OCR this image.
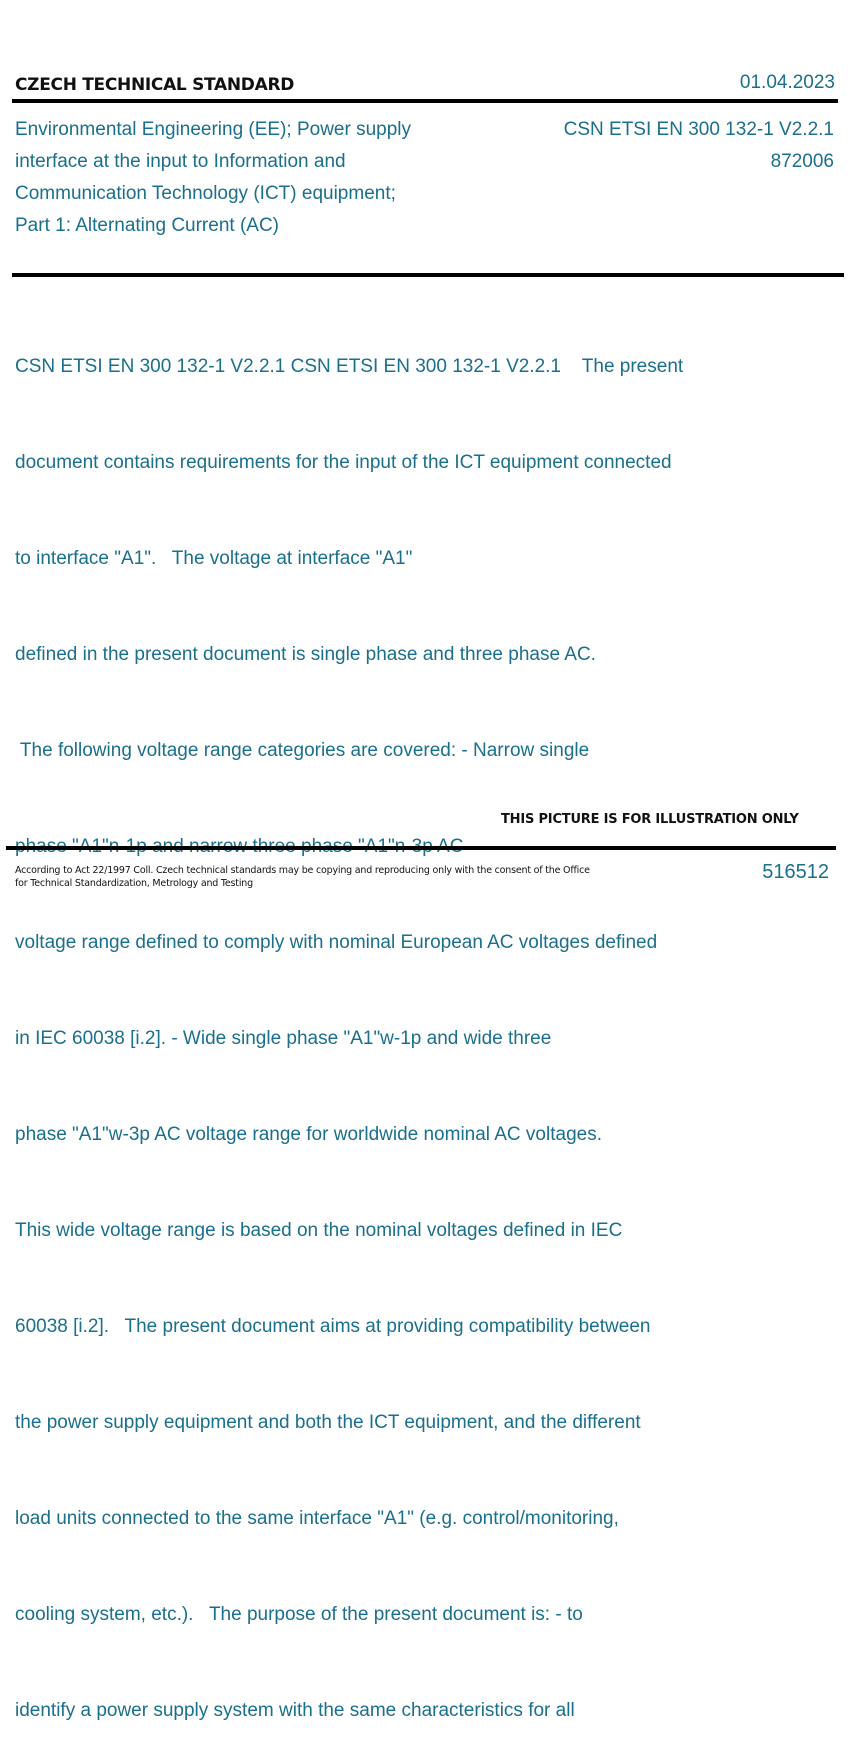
CZECH TECHNICAL STANDARD	01.04.2023
Environmental Engineering (EE); Power supply
interface at the input to Information and
Communication Technology (ICT) equipment;
Part 1: Alternating Current (AC)
CSN ETSI EN 300 132-1 V2.2.1
872006

CSN ETSI EN 300 132-1 V2.2.1 CSN ETSI EN 300 132-1 V2.2.1    The present

document contains requirements for the input of the ICT equipment connected

to interface "A1".   The voltage at interface "A1"

defined in the present document is single phase and three phase AC.

The following voltage range categories are covered: - Narrow single

voltage range defined to comply with nominal European AC voltages defined

in IEC 60038 [i.2]. - Wide single phase "A1"w-1p and wide three

phase "A1"w-3p AC voltage range for worldwide nominal AC voltages.

This wide voltage range is based on the nominal voltages defined in IEC

60038 [i.2].   The present document aims at providing compatibility between

the power supply equipment and both the ICT equipment, and the different

load units connected to the same interface "A1" (e.g. control/monitoring,

cooling system, etc.).   The purpose of the present document is: - to

identify a power supply system with the same characteristics for all

THIS PICTURE IS FOR ILLUSTRATION ONLY
According to Act 22/1997 Coll. Czech technical standards may be copying and reproducing only with the consent of the Office
for Technical Standardization, Metrology and Testing
516512
